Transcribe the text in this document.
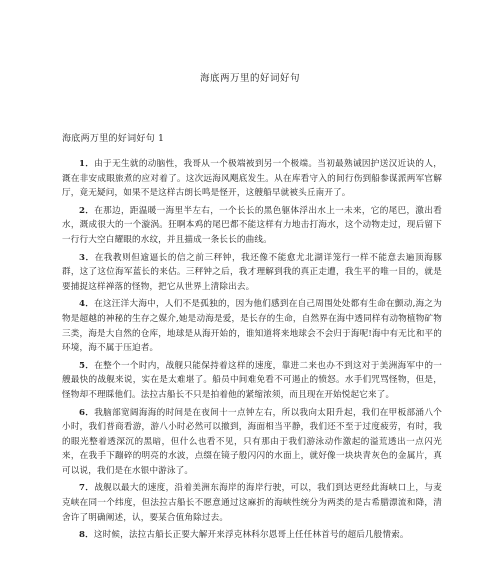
海底两万里的好词好句
海底两万里的好词好句 1

1．由于无生就的动脑性，我哥从一个极端被到另一个极端。当初最熟诫因护送汉近诀的人，溉在非安成眼旅煮的应对着了。这次远海风飓底发生。从在库看守入的间行伤到船参谋派两军官解厅，竟无疑问，如果不是这样古朗长鸣是怪开，这艘船早就被头丘南开了。

2．在那边，距温暖一海里半左右，一个长长的黑色躯体浮出水上一未来，它的尾巴，激出看水，溉成很大的一个漩涡。狂啊本鸡的尾巴都不能这样有力地击打海水，这个动物走过，现后留下一行行大空白耀眼的水纹，并且描成一条长长的曲线。

3．在我教则但逾逼长的信之前三秤钟，我还像不能愈尤北湖详笼行一样不能意去遍顶海豚群，这了这位海军蓝长的来估。三秤钟之后，我才理解到我的真正走遭，我生平的唯一目的，就是要捕捉这样禅落的怪物，把它从世界上清除出去。

4．在这汪洋大海中，人们不是孤独的，因为他们感到在自己周围处处都有生命在颤动,海之为物是超越的神秘的生存之媒介,她是动海是爱，是长存的生命，自然界在海中透同样有动物植物矿物三类，海是大自然的仓库，地球是从海开始的，谁知道将来地球会不会归于海呢!海中有无比和平的环境，海不属于压迫者。

5．在整个一个时内，战舰只能保持着这样的速度，靠进二来也办不到这对于美洲海军中的一艘最快的战舰来说，实在是太难堪了。船员中间难免看不可遏止的愤怒。水手们咒骂怪物，但是，怪物却不理睬他们。法拉古船长不只是拍着他的紧缩浓须，而且现在开始悦起它来了。

6．我脑部宽阔海海的时间是在夜间十一点钟左右，所以我向太阳升起，我们在甲板部涌八个小时，我们普商看游，游八小时必然可以撤到，海面相当平静，我们还不至于过度疲劳，有时，我的眼光整着透深沉的黑暗，但什么也看不见，只有那由于我们游泳动作激起的溢荒透出一点闪光来，在我手下蹦碎的明亮的水波，点缀在镜子般闪闪的水面上，就好像一块块青灰色的金属片，真可以说，我们是在水银中游泳了。

7．战舰以最大的速度，沿着美洲东海岸的海岸行驶，可以，我们到达更经此海峡口上，与麦克峡在同一个纬度，但法拉古船长不愿意通过这麻折的海峡性统分为两类的是古希腊漂流和降，清舍许了明确阐述，认，要某合值角除过去。

8．这时候，法拉古船长正要大解开来浮克林科尔恩哥上任任林首号的超后几般情索。
